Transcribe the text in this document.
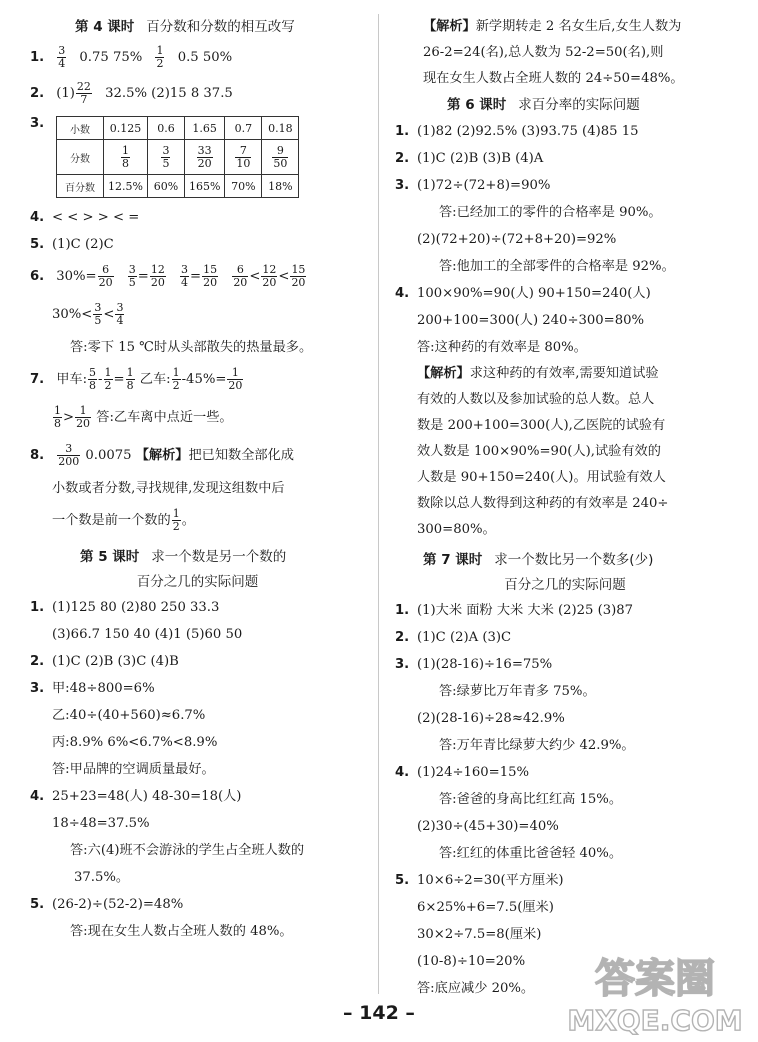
第 4 课时 百分数和分数的相互改写
1. $\frac{3}{4} 0.75$ $75\% \frac{1}{2} 0.5$ 50%
2. $(1) \frac{22}{7} 32.5\%$ (2)15 8 37.5
3.	小数	0.125	0.6	1.65	0.7	0.18
分数	$\frac{1}{8}$	$\frac{3}{5}$	$\frac{33}{20}$	$\frac{7}{10}$	$\frac{9}{50}$

百分数	12.5%	60%	165%	70%	18%
4. < < > > < =
5. (1)C (2)C
6. $30\%= \frac{6}{20}$
$\frac{3}{5} = \frac{12}{20}$
$\frac{3}{4} = \frac{15}{20}$
$\frac{6}{20} < \frac{12}{20} < \frac{15}{20}$
$30\%< \frac{3}{5} < \frac{3}{4}$
答:零下 15 ℃时从头部散失的热量最多。
7. 甲车: $\frac{5}{8} - \frac{1}{2} = \frac{1}{8}$ 乙车: $\frac{1}{2} -45\%= \frac{1}{20}$
$\frac{1}{8} > \frac{1}{20}$ 答:乙车离中点近一些。
8. $\frac{3}{200} 0.0075$ 【解析】把已知数全部化成
小数或者分数,寻找规律,发现这组数中后
一个数是前一个数的 $\frac{1}{2}$ 。
第 5 课时 求一个数是另一个数的
百分之几的实际问题
1. (1)125 80 (2)80 250 33.3
(3)66.7 150 40 (4)1 (5)60 50
2. (1)C (2)B (3)C (4)B
3. 甲:48÷800=6%
乙:40÷(40+560)≈6.7%
丙:8.9% 6%<6.7%<8.9%
答:甲品牌的空调质量最好。
4. 25+23=48(人) 48-30=18(人)
18÷48=37.5%
答:六(4)班不会游泳的学生占全班人数的
37.5%。
5. (26-2)÷(52-2)=48%
答:现在女生人数占全班人数的 48%。
【解析】新学期转走 2 名女生后,女生人数为
26-2=24(名),总人数为 52-2=50(名),则
现在女生人数占全班人数的 24÷50=48%。
第 6 课时 求百分率的实际问题
1. (1)82 (2)92.5% (3)93.75 (4)85 15
2. (1)C (2)B (3)B (4)A
3. (1)72÷(72+8)=90%
答:已经加工的零件的合格率是 90%。
(2)(72+20)÷(72+8+20)=92%
答:他加工的全部零件的合格率是 92%。
4. 100×90%=90(人) 90+150=240(人)
200+100=300(人) 240÷300=80%
答:这种药的有效率是 80%。
【解析】求这种药的有效率,需要知道试验
有效的人数以及参加试验的总人数。总人
数是 200+100=300(人),乙医院的试验有
效人数是 100×90%=90(人),试验有效的
人数是 90+150=240(人)。用试验有效人
数除以总人数得到这种药的有效率是 240÷
300=80%。
第 7 课时 求一个数比另一个数多(少)
百分之几的实际问题
1. (1)大米 面粉 大米 大米 (2)25 (3)87
2. (1)C (2)A (3)C
3. (1)(28-16)÷16=75%
答:绿萝比万年青多 75%。
(2)(28-16)÷28≈42.9%
答:万年青比绿萝大约少 42.9%。
4. (1)24÷160=15%
答:爸爸的身高比红红高 15%。
(2)30÷(45+30)=40%
答:红红的体重比爸爸轻 40%。
5. 10×6÷2=30(平方厘米)
6×25%+6=7.5(厘米)
30×2÷7.5=8(厘米)
(10-8)÷10=20%
答:底应减少 20%。
– 142 –
答案圈
MXQE.COM
